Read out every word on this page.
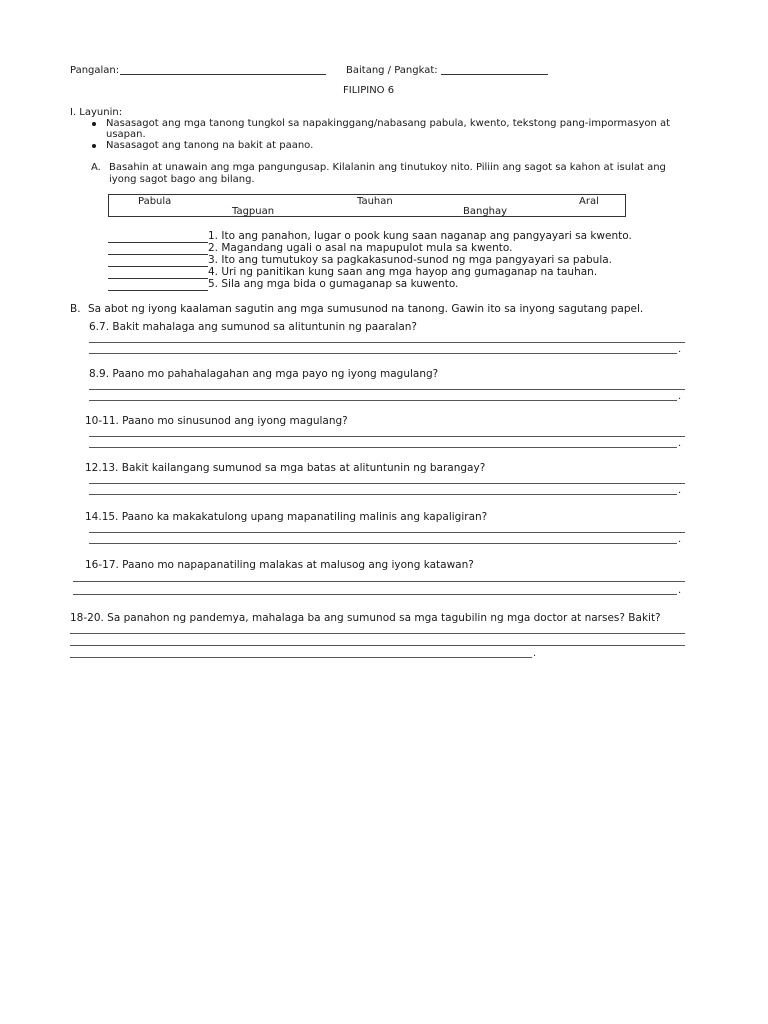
Pangalan:	Baitang / Pangkat:
FILIPINO 6
I. Layunin:
Nasasagot ang mga tanong tungkol sa napakinggang/nabasang pabula, kwento, tekstong pang-impormasyon at
usapan.
Nasasagot ang tanong na bakit at paano.
A. Basahin at unawain ang mga pangungusap. Kilalanin ang tinutukoy nito. Piliin ang sagot sa kahon at isulat ang
iyong sagot bago ang bilang.
Pabula	Tauhan	Aral
Tagpuan	Banghay
1. Ito ang panahon, lugar o pook kung saan naganap ang pangyayari sa kwento.
2. Magandang ugali o asal na mapupulot mula sa kwento.
3. Ito ang tumutukoy sa pagkakasunod-sunod ng mga pangyayari sa pabula.
4. Uri ng panitikan kung saan ang mga hayop ang gumaganap na tauhan.
5. Sila ang mga bida o gumaganap sa kuwento.
B. Sa abot ng iyong kaalaman sagutin ang mga sumusunod na tanong. Gawin ito sa inyong sagutang papel.
6.7. Bakit mahalaga ang sumunod sa alituntunin ng paaralan?
.
8.9. Paano mo pahahalagahan ang mga payo ng iyong magulang?
.
10-11. Paano mo sinusunod ang iyong magulang?
.
12.13. Bakit kailangang sumunod sa mga batas at alituntunin ng barangay?
.
14.15. Paano ka makakatulong upang mapanatiling malinis ang kapaligiran?
.
16-17. Paano mo napapanatiling malakas at malusog ang iyong katawan?
.
18-20. Sa panahon ng pandemya, mahalaga ba ang sumunod sa mga tagubilin ng mga doctor at narses? Bakit?
.
